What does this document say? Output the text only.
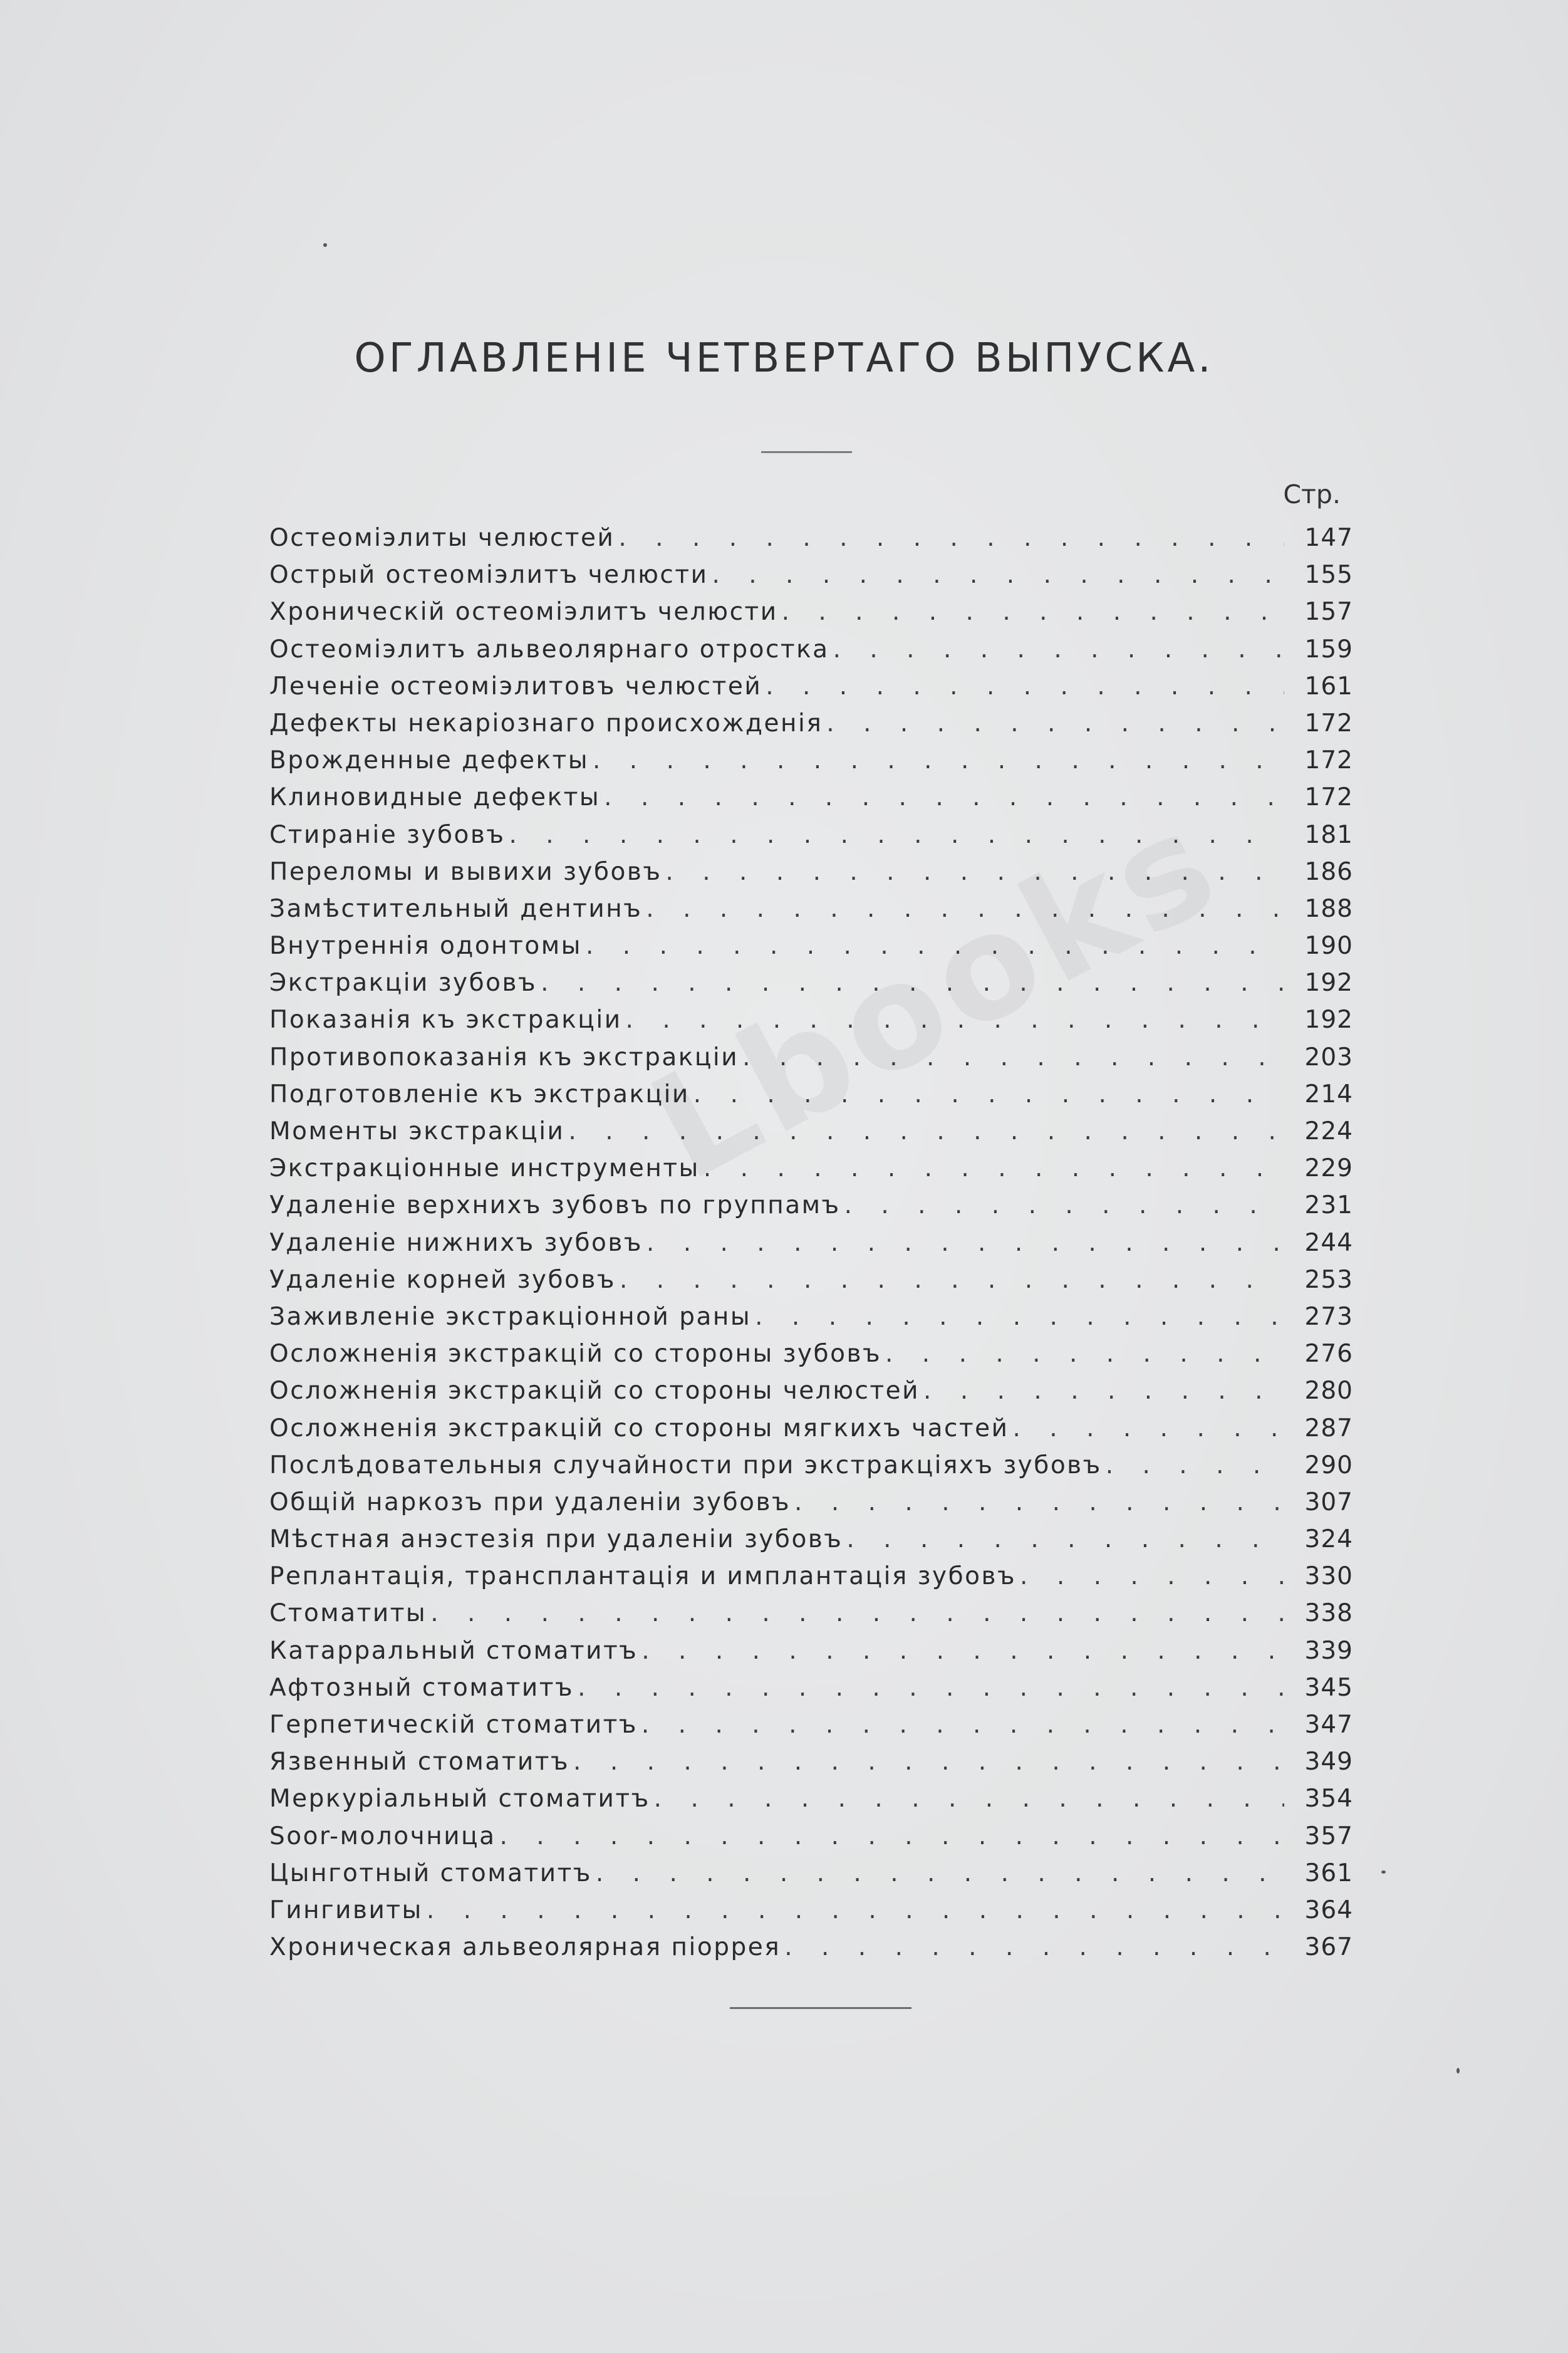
Lbooks
ОГЛАВЛЕНІЕ ЧЕТВЕРТАГО ВЫПУСКА.
Стр.
Остеоміэлиты челюстей . . .	147
Острый остеоміэлитъ челюсти . . .	155
Хроническій остеоміэлитъ челюсти . . .	157
Остеоміэлитъ альвеолярнаго отростка . . .	159
Леченіе остеоміэлитовъ челюстей . . .	161
Дефекты некаріознаго происхожденія . . .	172
Врожденные дефекты . . .	172
Клиновидные дефекты . . .	172
Стираніе зубовъ . . .	181
Переломы и вывихи зубовъ . . .	186
Замѣстительный дентинъ . . .	188
Внутреннія одонтомы . . .	190
Экстракціи зубовъ . . .	192
Показанія къ экстракціи . . .	192
Противопоказанія къ экстракціи . . .	203
Подготовленіе къ экстракціи . . .	214
Моменты экстракціи . . .	224
Экстракціонные инструменты . . .	229
Удаленіе верхнихъ зубовъ по группамъ . . .	231
Удаленіе нижнихъ зубовъ . . .	244
Удаленіе корней зубовъ . . .	253
Заживленіе экстракціонной раны . . .	273
Осложненія экстракцій со стороны зубовъ . . .	276
Осложненія экстракцій со стороны челюстей . . .	280
Осложненія экстракцій со стороны мягкихъ частей . . .	287
Послѣдовательныя случайности при экстракціяхъ зубовъ . . .	290
Общій наркозъ при удаленіи зубовъ . . .	307
Мѣстная анэстезія при удаленіи зубовъ . . .	324
Реплантація, трансплантація и имплантація зубовъ . . .	330
Стоматиты . . .	338
Катарральный стоматитъ . . .	339
Афтозный стоматитъ . . .	345
Герпетическій стоматитъ . . .	347
Язвенный стоматитъ . . .	349
Меркуріальный стоматитъ . . .	354
Soor-молочница . . .	357
Цынготный стоматитъ . . .	361
Гингивиты . . .	364
Хроническая альвеолярная піоррея . . .	367
